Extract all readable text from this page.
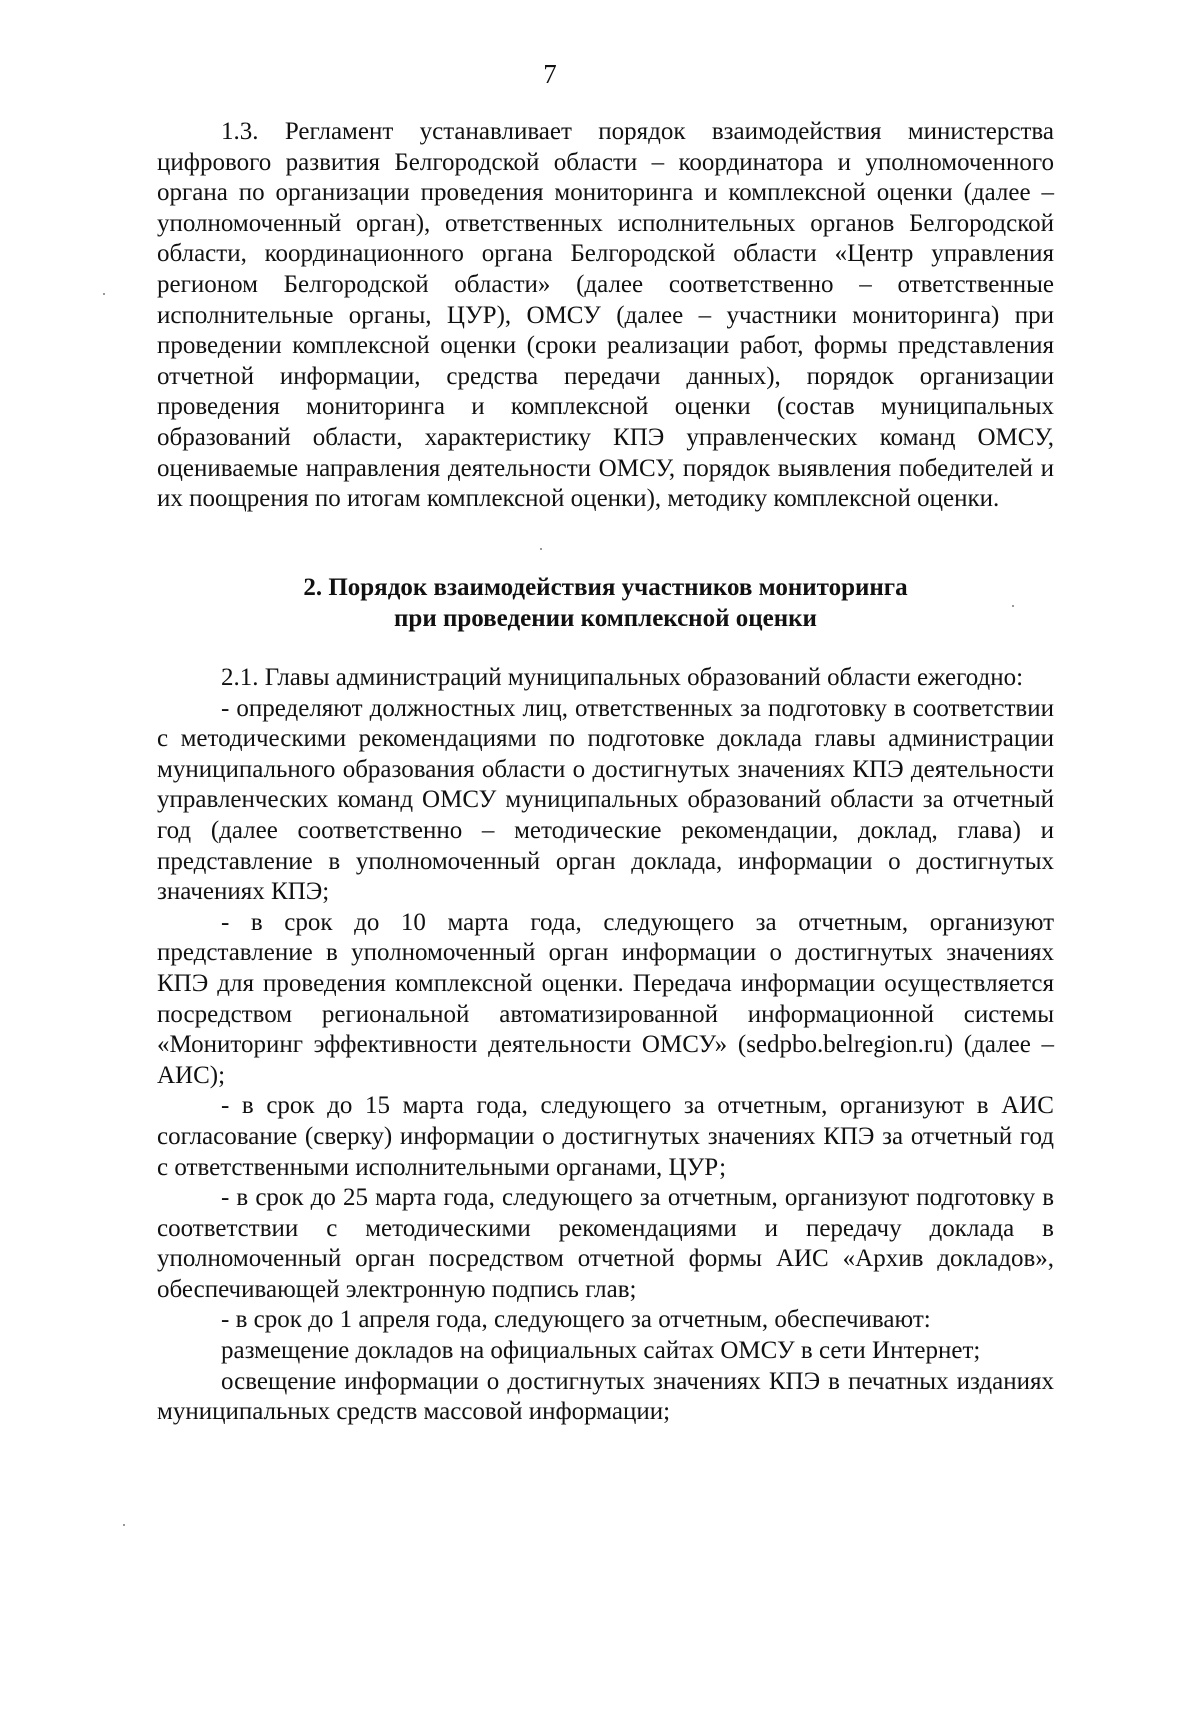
7

1.3. Регламент устанавливает порядок взаимодействия министерства цифрового развития Белгородской области – координатора и уполномоченного органа по организации проведения мониторинга и комплексной оценки (далее – уполномоченный орган), ответственных исполнительных органов Белгородской области, координационного органа Белгородской области «Центр управления регионом Белгородской области» (далее соответственно – ответственные исполнительные органы, ЦУР), ОМСУ (далее – участники мониторинга) при проведении комплексной оценки (сроки реализации работ, формы представления отчетной информации, средства передачи данных), порядок организации проведения мониторинга и комплексной оценки (состав муниципальных образований области, характеристику КПЭ управленческих команд ОМСУ, оцениваемые направления деятельности ОМСУ, порядок выявления победителей и их поощрения по итогам комплексной оценки), методику комплексной оценки.

2. Порядок взаимодействия участников мониторинга
при проведении комплексной оценки

2.1. Главы администраций муниципальных образований области ежегодно:

- определяют должностных лиц, ответственных за подготовку в соответствии с методическими рекомендациями по подготовке доклада главы администрации муниципального образования области о достигнутых значениях КПЭ деятельности управленческих команд ОМСУ муниципальных образований области за отчетный год (далее соответственно – методические рекомендации, доклад, глава) и представление в уполномоченный орган доклада, информации о достигнутых значениях КПЭ;

- в срок до 10 марта года, следующего за отчетным, организуют представление в уполномоченный орган информации о достигнутых значениях КПЭ для проведения комплексной оценки. Передача информации осуществляется посредством региональной автоматизированной информационной системы «Мониторинг эффективности деятельности ОМСУ» (sedpbo.belregion.ru) (далее – АИС);

- в срок до 15 марта года, следующего за отчетным, организуют в АИС согласование (сверку) информации о достигнутых значениях КПЭ за отчетный год с ответственными исполнительными органами, ЦУР;

- в срок до 25 марта года, следующего за отчетным, организуют подготовку в соответствии с методическими рекомендациями и передачу доклада в уполномоченный орган посредством отчетной формы АИС «Архив докладов», обеспечивающей электронную подпись глав;

- в срок до 1 апреля года, следующего за отчетным, обеспечивают:

размещение докладов на официальных сайтах ОМСУ в сети Интернет;

освещение информации о достигнутых значениях КПЭ в печатных изданиях муниципальных средств массовой информации;
